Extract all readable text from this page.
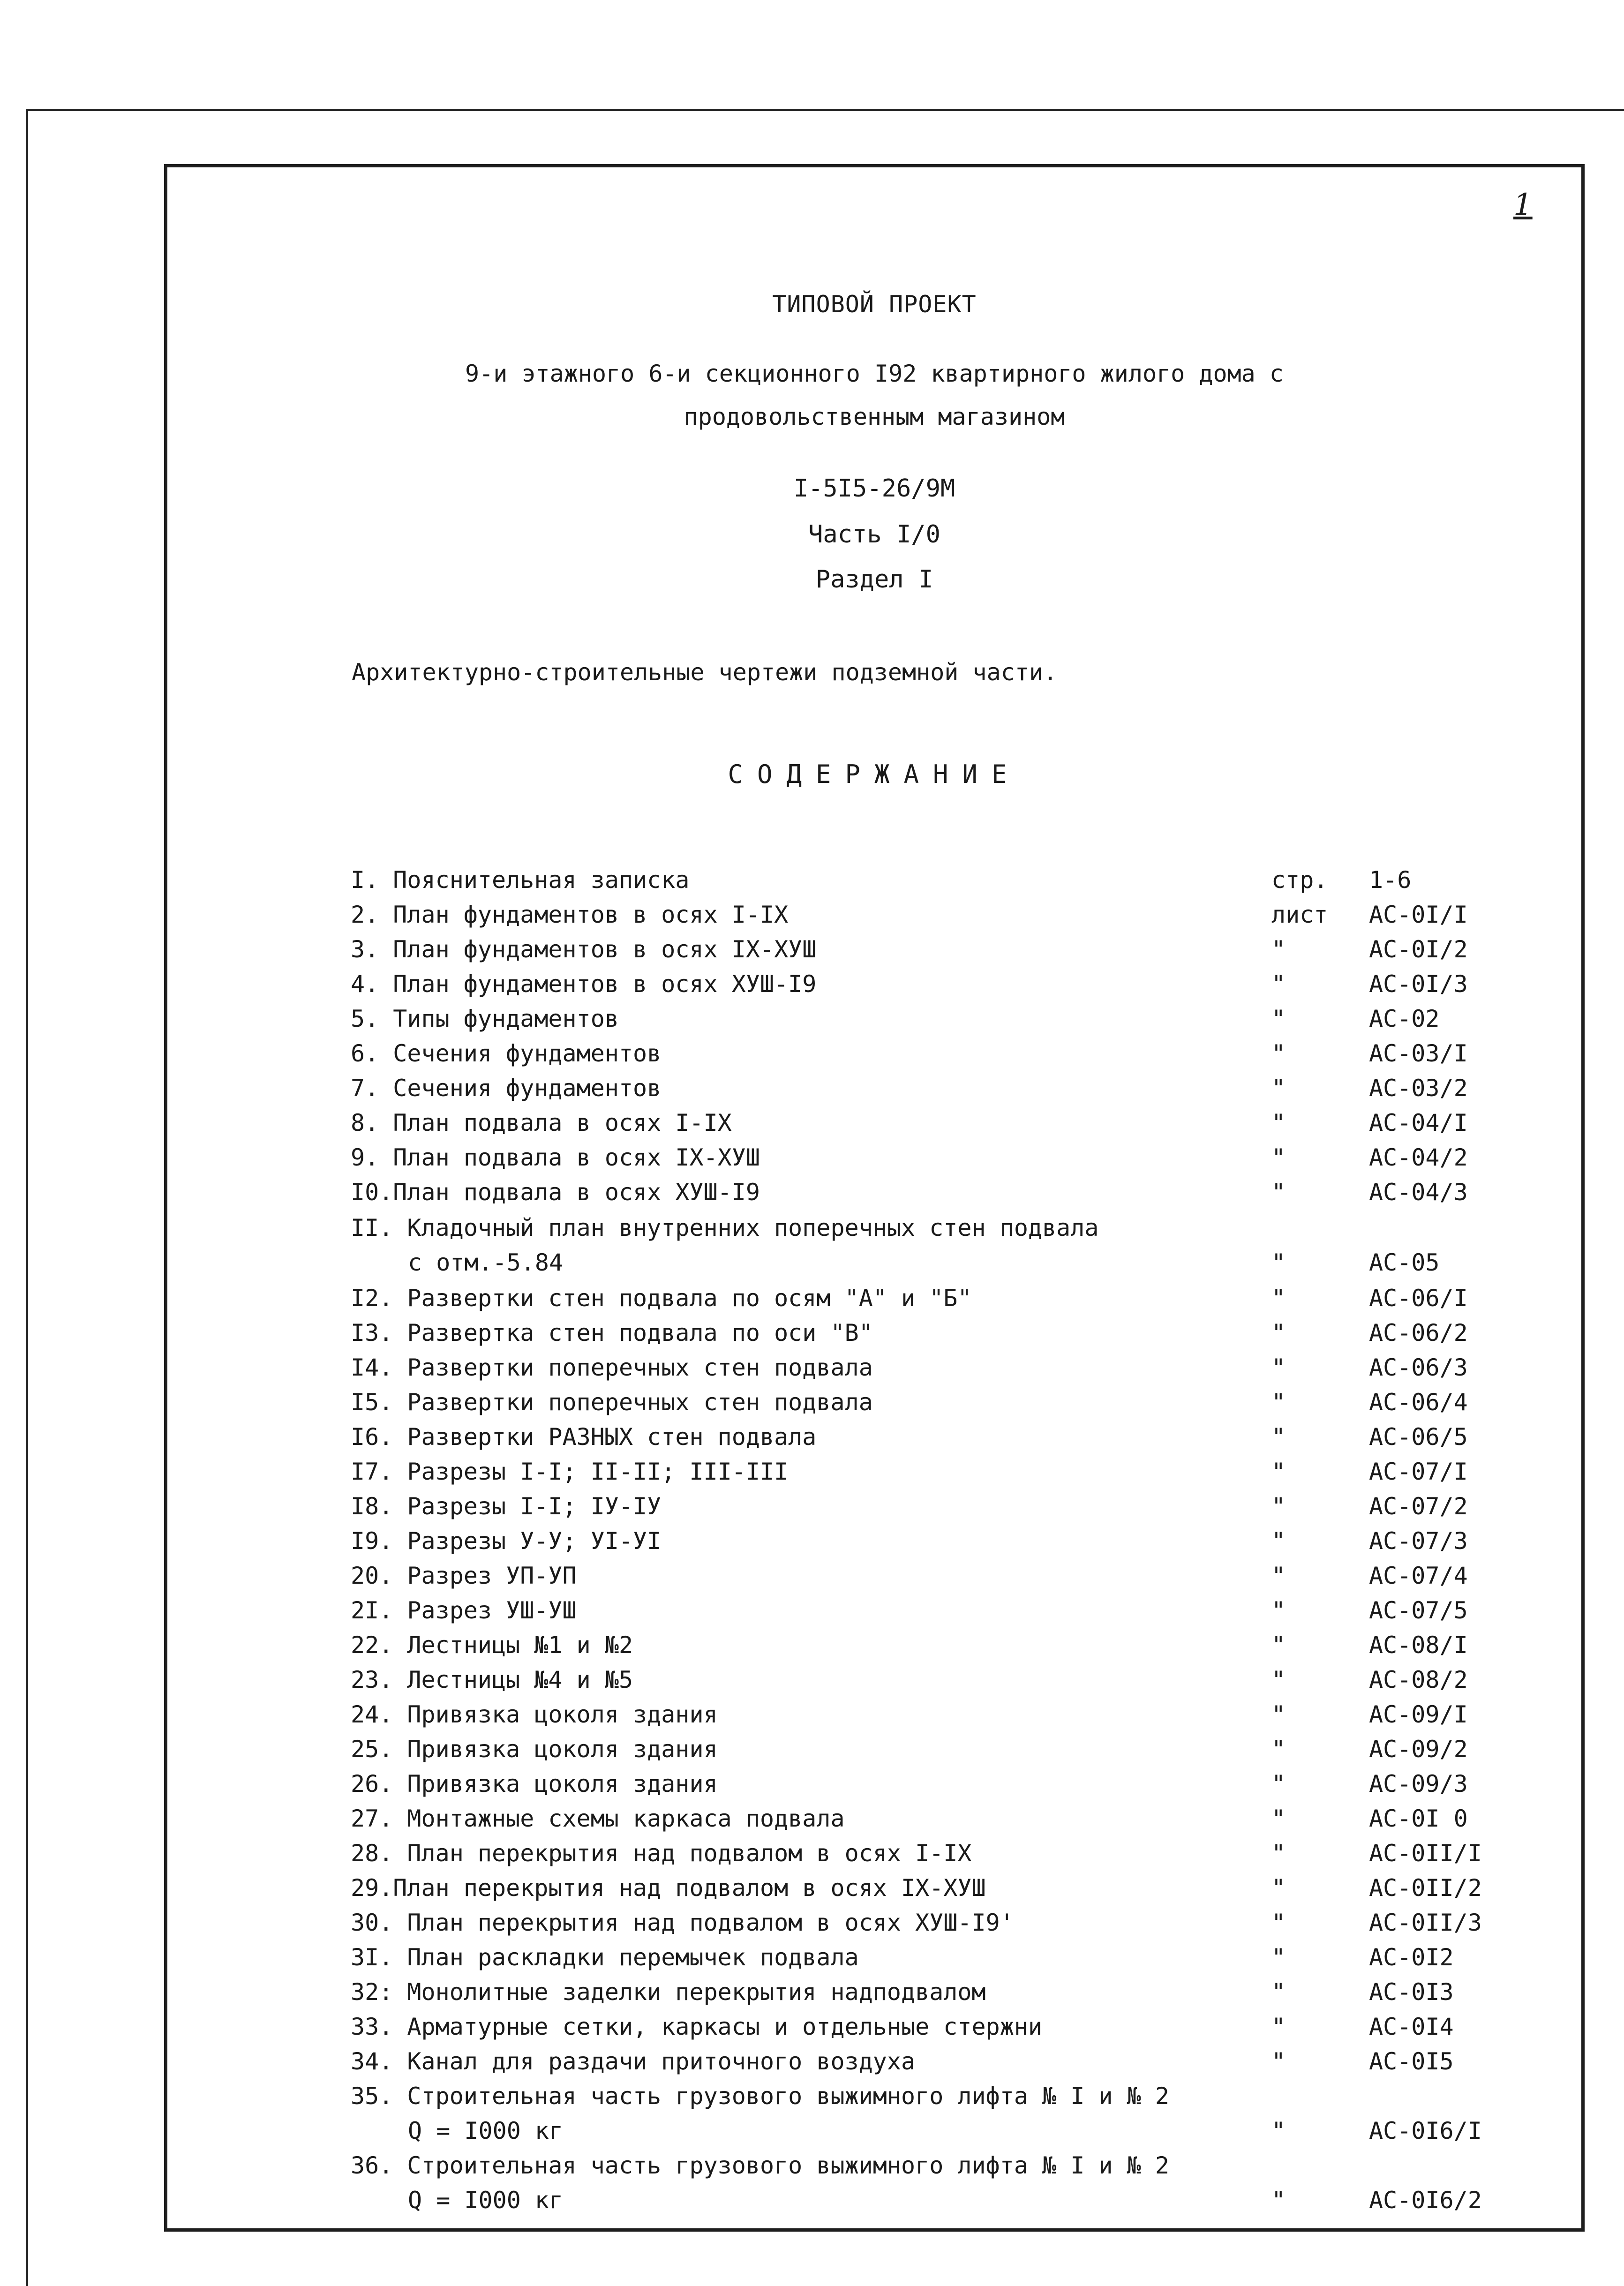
1
ТИПОВОЙ ПРОЕКТ
9-и этажного 6-и секционного I92 квартирного жилого дома с
продовольственным магазином
I-5I5-26/9М
Часть I/0
Раздел I
Архитектурно-строительные чертежи подземной части.
СОДЕРЖАНИЕ
I. Пояснительная записка	стр. 1-6
2. План фундаментов в осях I-IХ	лист АС-0I/I
3. План фундаментов в осях IХ-ХУШ	"	АС-0I/2
4. План фундаментов в осях ХУШ-I9	"	АС-0I/3
5. Типы фундаментов	"	АС-02
6. Сечения фундаментов	"	АС-03/I
7. Сечения фундаментов	"	АС-03/2
8. План подвала в осях I-IХ	"	АС-04/I
9. План подвала в осях IХ-ХУШ	"	АС-04/2
I0.План подвала в осях ХУШ-I9	"	АС-04/3
II. Кладочный план внутренних поперечных стен подвала
с отм.-5.84	"	АС-05
I2. Развертки стен подвала по осям "А" и "Б"	"	АС-06/I
I3. Развертка стен подвала по оси "В"	"	АС-06/2
I4. Развертки поперечных стен подвала	"	АС-06/3
I5. Развертки поперечных стен подвала	"	АС-06/4
I6. Развертки РАЗНЫХ стен подвала	"	АС-06/5
I7. Разрезы I-I; II-II; III-III	"	АС-07/I
I8. Разрезы I-I; IУ-IУ	"	АС-07/2
I9. Разрезы У-У; УI-УI	"	АС-07/3
20. Разрез УП-УП	"	АС-07/4
2I. Разрез УШ-УШ	"	АС-07/5
22. Лестницы №1 и №2	"	АС-08/I
23. Лестницы №4 и №5	"	АС-08/2
24. Привязка цоколя здания	"	АС-09/I
25. Привязка цоколя здания	"	АС-09/2
26. Привязка цоколя здания	"	АС-09/3
27. Монтажные схемы каркаса подвала	"	АС-0I 0
28. План перекрытия над подвалом в осях I-IХ	"	АС-0II/I
29.План перекрытия над подвалом в осях IХ-ХУШ	"	АС-0II/2
30. План перекрытия над подвалом в осях ХУШ-I9'	"	АС-0II/3
3I. План раскладки перемычек подвала	"	АС-0I2
32: Монолитные заделки перекрытия надподвалом	"	АС-0I3
33. Арматурные сетки, каркасы и отдельные стержни	"	АС-0I4
34. Канал для раздачи приточного воздуха	"	АС-0I5
35. Строительная часть грузового выжимного лифта № I и № 2
Q = I000 кг	"	АС-0I6/I
36. Строительная часть грузового выжимного лифта № I и № 2
Q = I000 кг	"	АС-0I6/2
